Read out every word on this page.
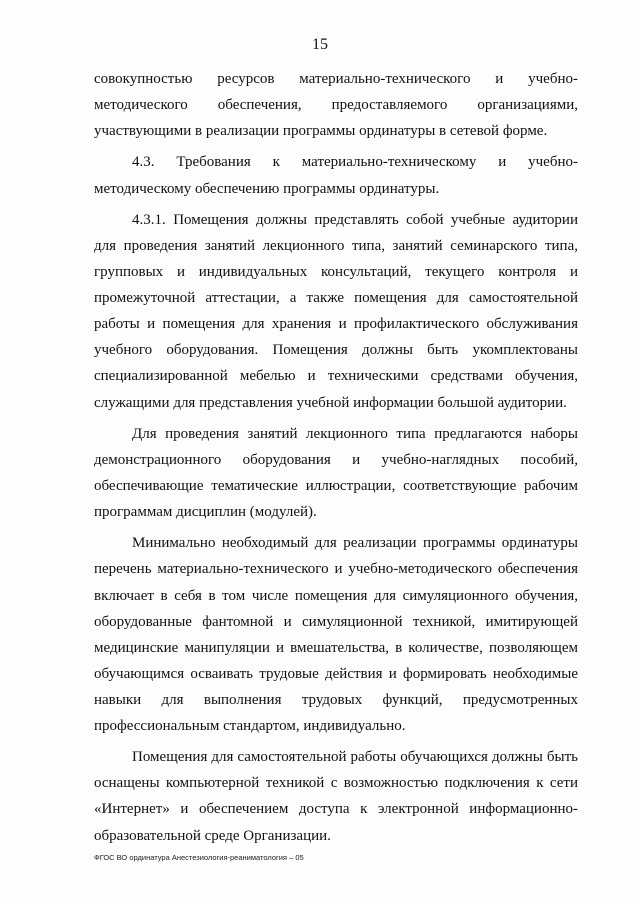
15

совокупностью ресурсов материально-технического и учебно-методического обеспечения, предоставляемого организациями, участвующими в реализации программы ординатуры в сетевой форме.

4.3. Требования к материально-техническому и учебно-методическому обеспечению программы ординатуры.

4.3.1. Помещения должны представлять собой учебные аудитории для проведения занятий лекционного типа, занятий семинарского типа, групповых и индивидуальных консультаций, текущего контроля и промежуточной аттестации, а также помещения для самостоятельной работы и помещения для хранения и профилактического обслуживания учебного оборудования. Помещения должны быть укомплектованы специализированной мебелью и техническими средствами обучения, служащими для представления учебной информации большой аудитории.

Для проведения занятий лекционного типа предлагаются наборы демонстрационного оборудования и учебно-наглядных пособий, обеспечивающие тематические иллюстрации, соответствующие рабочим программам дисциплин (модулей).

Минимально необходимый для реализации программы ординатуры перечень материально-технического и учебно-методического обеспечения включает в себя в том числе помещения для симуляционного обучения, оборудованные фантомной и симуляционной техникой, имитирующей медицинские манипуляции и вмешательства, в количестве, позволяющем обучающимся осваивать трудовые действия и формировать необходимые навыки для выполнения трудовых функций, предусмотренных профессиональным стандартом, индивидуально.

Помещения для самостоятельной работы обучающихся должны быть оснащены компьютерной техникой с возможностью подключения к сети «Интернет» и обеспечением доступа к электронной информационно-образовательной среде Организации.

ФГОС ВО ординатура Анестезиология-реаниматология – 05
